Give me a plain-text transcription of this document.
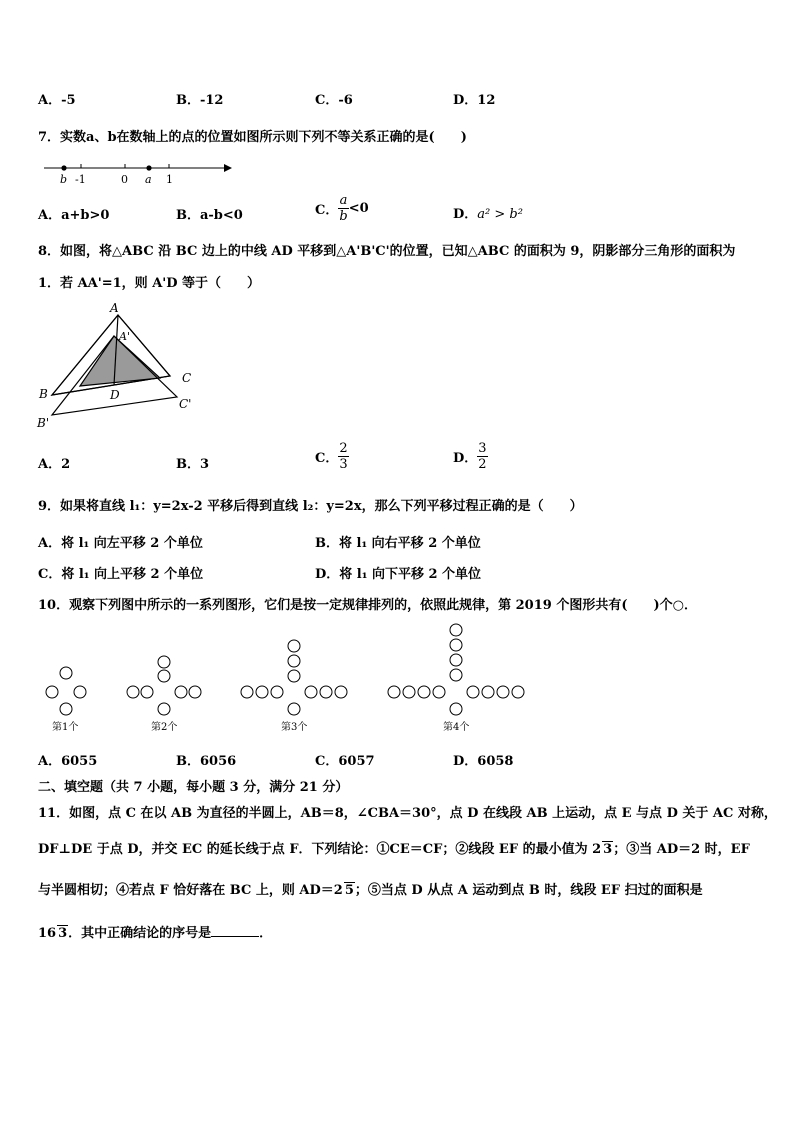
A．-5	B．-12	C．-6	D．12
7．实数a、b在数轴上的点的位置如图所示则下列不等关系正确的是(　　)
b -1	0 a 1
A．a+b>0	B．a-b<0	C． $\frac{a}{b} <0$	D．a² > b²
8．如图，将△ABC 沿 BC 边上的中线 AD 平移到△A'B'C'的位置，已知△ABC 的面积为 9，阴影部分三角形的面积为
1．若 AA'=1，则 A'D 等于（　　）
A
A'
B	D
C
C'
B'
A．2	B．3	C． $\frac{2}{3}$	D． $\frac{3}{2}$
9．如果将直线 l₁：y=2x-2 平移后得到直线 l₂：y=2x，那么下列平移过程正确的是（　　）
A．将 l₁ 向左平移 2 个单位	B．将 l₁ 向右平移 2 个单位
C．将 l₁ 向上平移 2 个单位	D．将 l₁ 向下平移 2 个单位
10．观察下列图中所示的一系列图形，它们是按一定规律排列的，依照此规律，第 2019 个图形共有(　　)个○．
第1个	第2个	第3个	第4个
A．6055	B．6056	C．6057	D．6058
二、填空题（共 7 小题，每小题 3 分，满分 21 分）
11．如图，点 C 在以 AB 为直径的半圆上，AB＝8，∠CBA＝30°，点 D 在线段 AB 上运动，点 E 与点 D 关于 AC 对称，
DF⊥DE 于点 D，并交 EC 的延长线于点 F．下列结论：①CE＝CF；②线段 EF 的最小值为 2 3；③当 AD＝2 时，EF
与半圆相切；④若点 F 恰好落在 BC 上，则 AD＝2 5；⑤当点 D 从点 A 运动到点 B 时，线段 EF 扫过的面积是
16 3．其中正确结论的序号是	．
